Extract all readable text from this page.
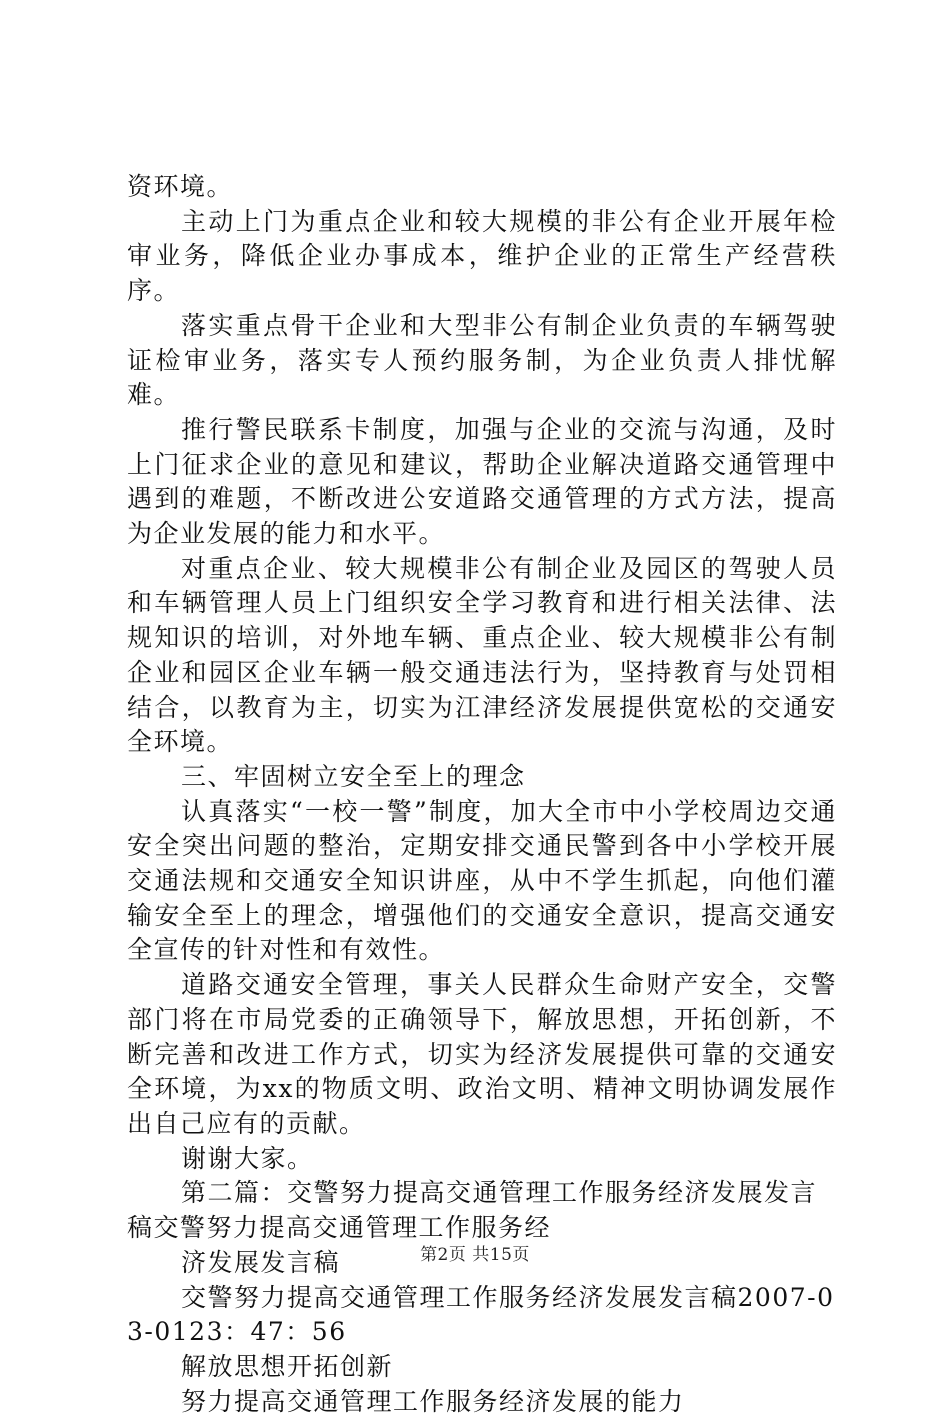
资环境。

主动上门为重点企业和较大规模的非公有企业开展年检审业务，降低企业办事成本，维护企业的正常生产经营秩序。

落实重点骨干企业和大型非公有制企业负责的车辆驾驶证检审业务，落实专人预约服务制，为企业负责人排忧解难。

推行警民联系卡制度，加强与企业的交流与沟通，及时上门征求企业的意见和建议，帮助企业解决道路交通管理中遇到的难题，不断改进公安道路交通管理的方式方法，提高为企业发展的能力和水平。

对重点企业、较大规模非公有制企业及园区的驾驶人员和车辆管理人员上门组织安全学习教育和进行相关法律、法规知识的培训，对外地车辆、重点企业、较大规模非公有制企业和园区企业车辆一般交通违法行为，坚持教育与处罚相结合，以教育为主，切实为江津经济发展提供宽松的交通安全环境。

三、牢固树立安全至上的理念

认真落实“一校一警”制度，加大全市中小学校周边交通安全突出问题的整治，定期安排交通民警到各中小学校开展交通法规和交通安全知识讲座，从中不学生抓起，向他们灌输安全至上的理念，增强他们的交通安全意识，提高交通安全宣传的针对性和有效性。

道路交通安全管理，事关人民群众生命财产安全，交警部门将在市局党委的正确领导下，解放思想，开拓创新，不断完善和改进工作方式，切实为经济发展提供可靠的交通安全环境，为xx的物质文明、政治文明、精神文明协调发展作出自己应有的贡献。

谢谢大家。

第二篇：交警努力提高交通管理工作服务经济发展发言稿交警努力提高交通管理工作服务经

济发展发言稿

交警努力提高交通管理工作服务经济发展发言稿2007-03-0123：47：56

解放思想开拓创新

努力提高交通管理工作服务经济发展的能力

第2页 共15页
